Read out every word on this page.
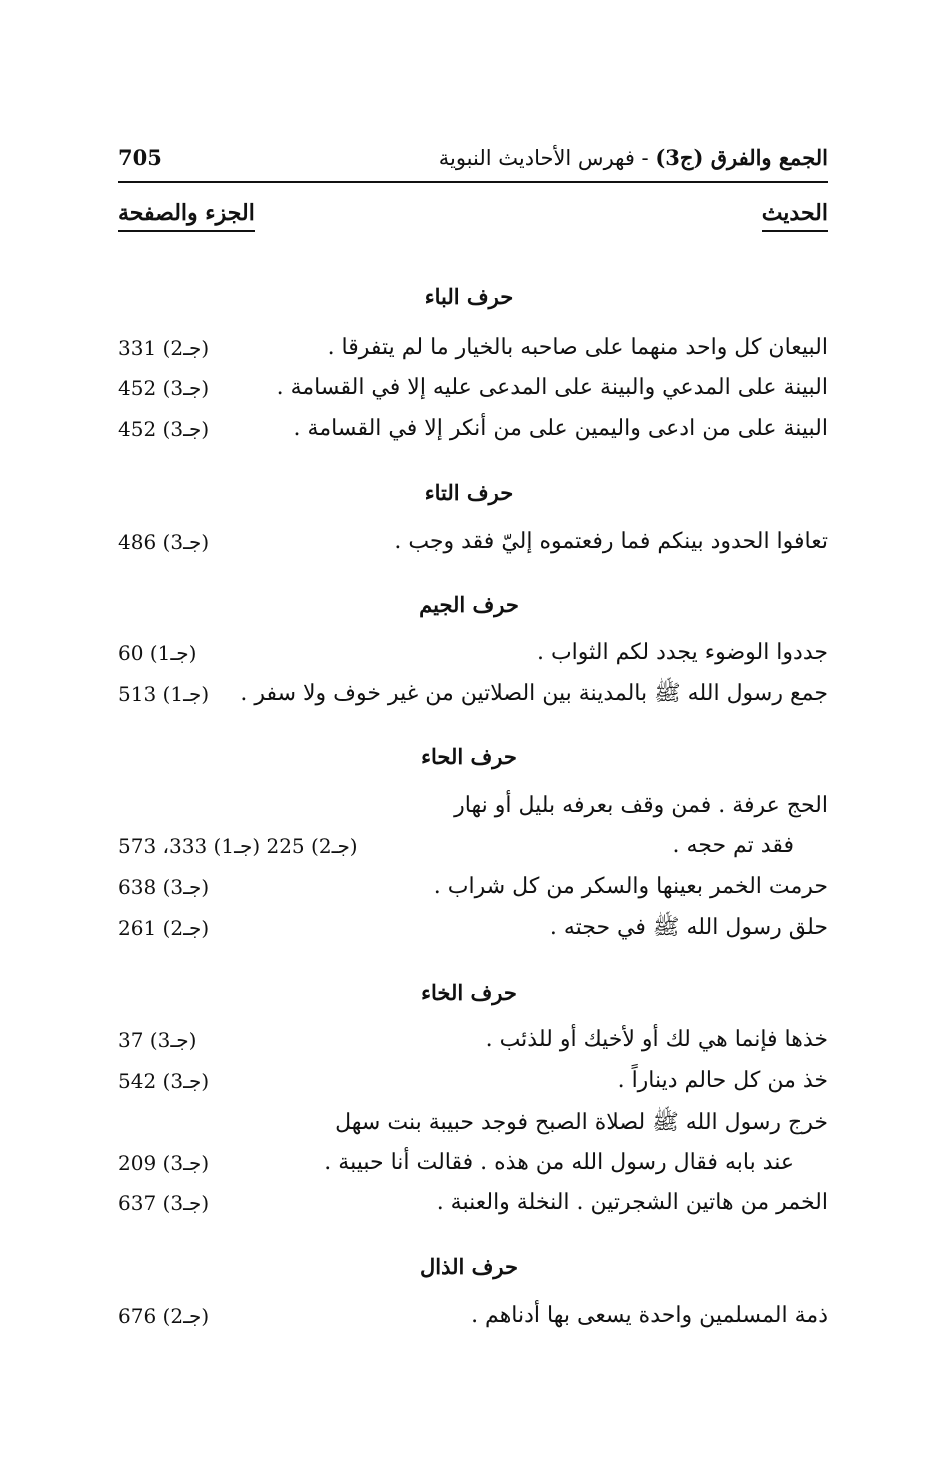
الجمع والفرق (ج3) - فهرس الأحاديث النبوية
705
الحديث
الجزء والصفحة
حرف الباء
البيعان كل واحد منهما على صاحبه بالخيار ما لم يتفرقا .
(جـ2) 331
البينة على المدعي والبينة على المدعى عليه إلا في القسامة .
(جـ3) 452
البينة على من ادعى واليمين على من أنكر إلا في القسامة .
(جـ3) 452
حرف التاء
تعافوا الحدود بينكم فما رفعتموه إليّ فقد وجب .
(جـ3) 486
حرف الجيم
جددوا الوضوء يجدد لكم الثواب .
(جـ1) 60
جمع رسول الله ﷺ بالمدينة بين الصلاتين من غير خوف ولا سفر .
(جـ1) 513
حرف الحاء
الحج عرفة . فمن وقف بعرفه بليل أو نهار
فقد تم حجه .
(جـ2) 225 (جـ1) 333، 573
حرمت الخمر بعينها والسكر من كل شراب .
(جـ3) 638
حلق رسول الله ﷺ في حجته .
(جـ2) 261
حرف الخاء
خذها فإنما هي لك أو لأخيك أو للذئب .
(جـ3) 37
خذ من كل حالم ديناراً .
(جـ3) 542
خرج رسول الله ﷺ لصلاة الصبح فوجد حبيبة بنت سهل
عند بابه فقال رسول الله من هذه . فقالت أنا حبيبة .
(جـ3) 209
الخمر من هاتين الشجرتين . النخلة والعنبة .
(جـ3) 637
حرف الذال
ذمة المسلمين واحدة يسعى بها أدناهم .
(جـ2) 676
